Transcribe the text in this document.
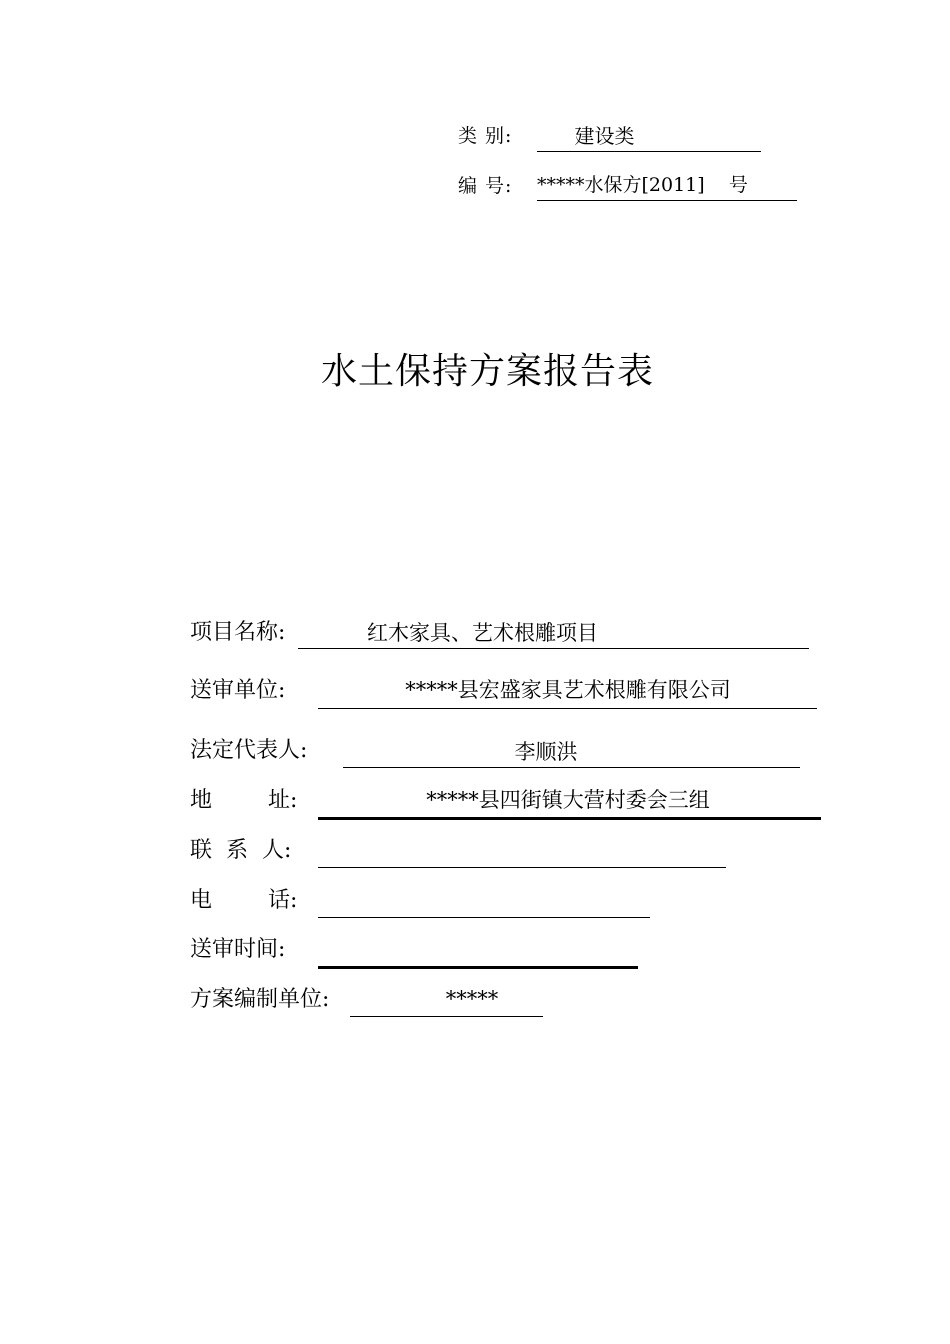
类 别:	建设类
编 号: *****水保方[2011]    号
水土保持方案报告表
项目名称:	红木家具、艺术根雕项目
送审单位:	*****县宏盛家具艺术根雕有限公司
法定代表人:	李顺洪
地        址:	*****县四街镇大营村委会三组
联  系  人:
电        话:
送审时间:
方案编制单位:	*****
